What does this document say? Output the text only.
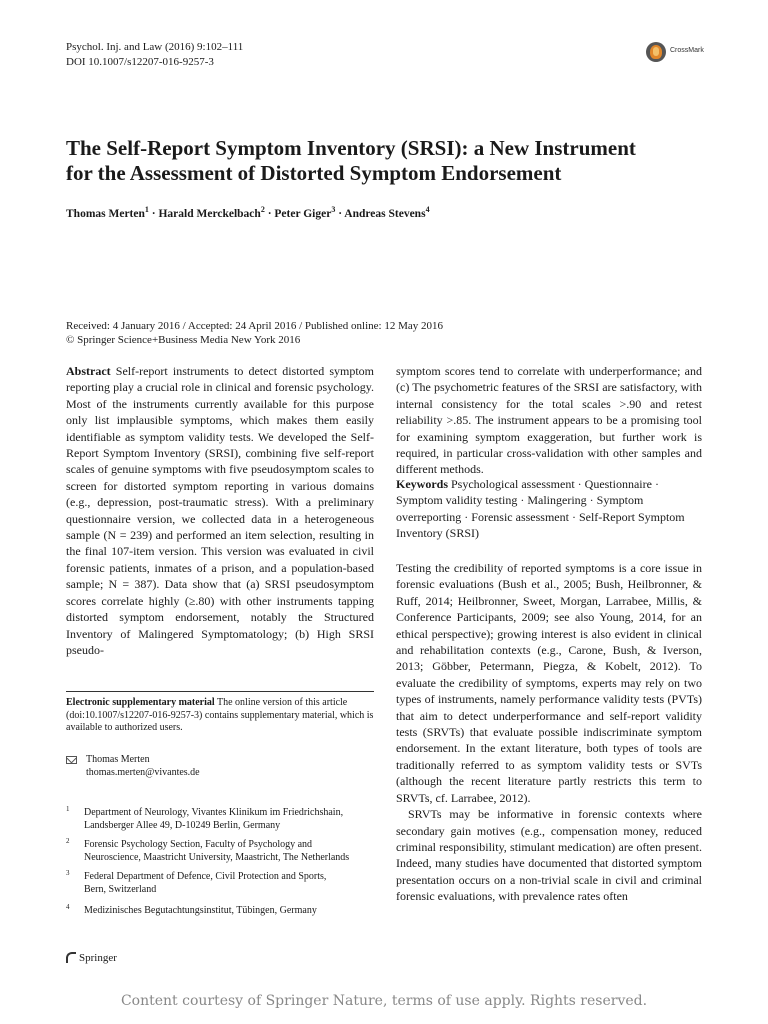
Psychol. Inj. and Law (2016) 9:102–111
DOI 10.1007/s12207-016-9257-3
CrossMark
The Self-Report Symptom Inventory (SRSI): a New Instrument
for the Assessment of Distorted Symptom Endorsement
Thomas Merten$^1$ · Harald Merckelbach$^2$ · Peter Giger$^3$ · Andreas Stevens$^4$
Received: 4 January 2016 / Accepted: 24 April 2016 / Published online: 12 May 2016
© Springer Science+Business Media New York 2016

Abstract Self-report instruments to detect distorted symptom reporting play a crucial role in clinical and forensic psychology. Most of the instruments currently available for this purpose only list implausible symptoms, which makes them easily identifiable as symptom validity tests. We developed the Self-Report Symptom Inventory (SRSI), combining five self-report scales of genuine symptoms with five pseudosymptom scales to screen for distorted symptom reporting in various domains (e.g., depression, post-traumatic stress). With a preliminary questionnaire version, we collected data in a heterogeneous sample (N = 239) and performed an item selection, resulting in the final 107-item version. This version was evaluated in civil forensic patients, inmates of a prison, and a population-based sample; N = 387). Data show that (a) SRSI pseudosymptom scores correlate highly (≥.80) with other instruments tapping distorted symptom endorsement, notably the Structured Inventory of Malingered Symptomatology; (b) High SRSI pseudo-

Electronic supplementary material The online version of this article (doi:10.1007/s12207-016-9257-3) contains supplementary material, which is available to authorized users.
Thomas Merten
thomas.merten@vivantes.de
1 Department of Neurology, Vivantes Klinikum im Friedrichshain,
Landsberger Allee 49, D-10249 Berlin, Germany
2 Forensic Psychology Section, Faculty of Psychology and
Neuroscience, Maastricht University, Maastricht, The Netherlands
3 Federal Department of Defence, Civil Protection and Sports,
Bern, Switzerland
4 Medizinisches Begutachtungsinstitut, Tübingen, Germany

symptom scores tend to correlate with underperformance; and (c) The psychometric features of the SRSI are satisfactory, with internal consistency for the total scales >.90 and retest reliability >.85. The instrument appears to be a promising tool for examining symptom exaggeration, but further work is required, in particular cross-validation with other samples and different methods.

Keywords Psychological assessment · Questionnaire · Symptom validity testing · Malingering · Symptom overreporting · Forensic assessment · Self-Report Symptom Inventory (SRSI)

Testing the credibility of reported symptoms is a core issue in forensic evaluations (Bush et al., 2005; Bush, Heilbronner, & Ruff, 2014; Heilbronner, Sweet, Morgan, Larrabee, Millis, & Conference Participants, 2009; see also Young, 2014, for an ethical perspective); growing interest is also evident in clinical and rehabilitation contexts (e.g., Carone, Bush, & Iverson, 2013; Göbber, Petermann, Piegza, & Kobelt, 2012). To evaluate the credibility of symptoms, experts may rely on two types of instruments, namely performance validity tests (PVTs) that aim to detect underperformance and self-report validity tests (SRVTs) that evaluate possible indiscriminate symptom endorsement. In the extant literature, both types of tools are traditionally referred to as symptom validity tests or SVTs (although the recent literature partly restricts this term to SRVTs, cf. Larrabee, 2012).

SRVTs may be informative in forensic contexts where secondary gain motives (e.g., compensation money, reduced criminal responsibility, stimulant medication) are often present. Indeed, many studies have documented that distorted symptom presentation occurs on a non-trivial scale in civil and criminal forensic evaluations, with prevalence rates often

Springer
Content courtesy of Springer Nature, terms of use apply. Rights reserved.
